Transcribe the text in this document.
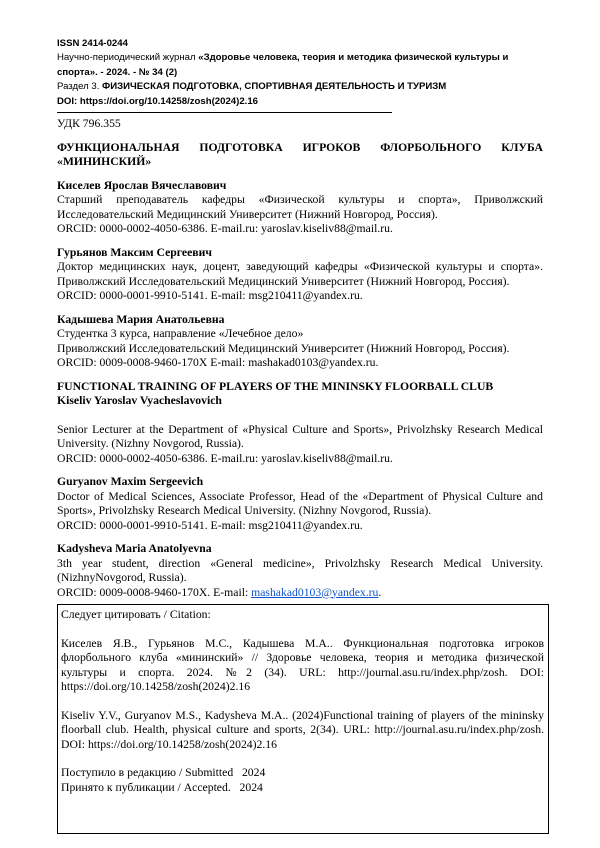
ISSN 2414-0244
Научно-периодический журнал «Здоровье человека, теория и методика физической культуры и
спорта». - 2024. - № 34 (2)
Раздел 3. ФИЗИЧЕСКАЯ ПОДГОТОВКА, СПОРТИВНАЯ ДЕЯТЕЛЬНОСТЬ И ТУРИЗМ
DOI: https://doi.org/10.14258/zosh(2024)2.16

УДК 796.355

ФУНКЦИОНАЛЬНАЯ ПОДГОТОВКА ИГРОКОВ ФЛОРБОЛЬНОГО КЛУБА «МИНИНСКИЙ»

Киселев Ярослав Вячеславович

Старший преподаватель кафедры «Физической культуры и спорта», Приволжский Исследовательский Медицинский Университет (Нижний Новгород, Россия).

ORCID: 0000-0002-4050-6386. E-mail.ru: yaroslav.kiseliv88@mail.ru.

Гурьянов Максим Сергеевич

Доктор медицинских наук, доцент, заведующий кафедры «Физической культуры и спорта». Приволжский Исследовательский Медицинский Университет (Нижний Новгород, Россия).

ORCID: 0000-0001-9910-5141. E-mail: msg210411@yandex.ru.

Кадышева Мария Анатольевна

Студентка 3 курса, направление «Лечебное дело»

Приволжский Исследовательский Медицинский Университет (Нижний Новгород, Россия).

ORCID: 0009-0008-9460-170X E-mail: mashakad0103@yandex.ru.

FUNCTIONAL TRAINING OF PLAYERS OF THE MININSKY FLOORBALL CLUB

Kiseliv Yaroslav Vyacheslavovich

Senior Lecturer at the Department of «Physical Culture and Sports», Privolzhsky Research Medical University. (Nizhny Novgorod, Russia).

ORCID: 0000-0002-4050-6386. E-mail.ru: yaroslav.kiseliv88@mail.ru.

Guryanov Maxim Sergeevich

Doctor of Medical Sciences, Associate Professor, Head of the «Department of Physical Culture and Sports», Privolzhsky Research Medical University. (Nizhny Novgorod, Russia).

ORCID: 0000-0001-9910-5141. E-mail: msg210411@yandex.ru.

Kadysheva Maria Anatolyevna

3th year student, direction «General medicine», Privolzhsky Research Medical University. (NizhnyNovgorod, Russia).

ORCID: 0009-0008-9460-170X. E-mail: mashakad0103@yandex.ru.

Следует цитировать / Citation:

Киселев Я.В., Гурьянов М.С., Кадышева М.А.. Функциональная подготовка игроков флорбольного клуба «мининский» // Здоровье человека, теория и методика физической культуры и спорта. 2024. №2 (34). URL: http://journal.asu.ru/index.php/zosh. DOI: https://doi.org/10.14258/zosh(2024)2.16

Kiseliv Y.V., Guryanov M.S., Kadysheva M.A.. (2024)Functional training of players of the mininsky floorball club. Health, physical culture and sports, 2(34). URL: http://journal.asu.ru/index.php/zosh. DOI: https://doi.org/10.14258/zosh(2024)2.16

Поступило в редакцию / Submitted   2024

Принято к публикации / Accepted.   2024
